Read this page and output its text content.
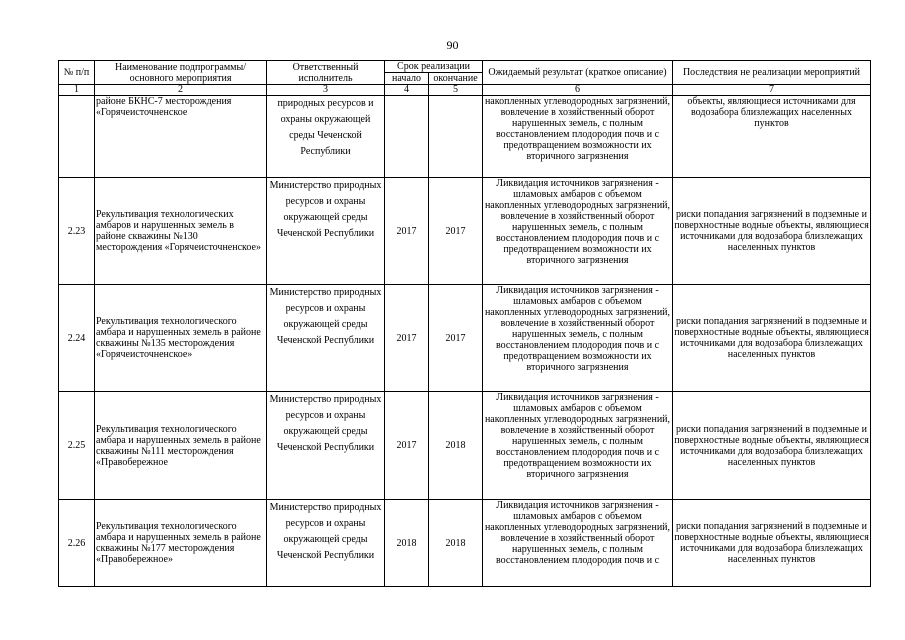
90
№ п/п	Наименование подпрограммы/ основного мероприятия	Ответственный исполнитель	Срок реализации		Ожидаемый результат (краткое описание)	Последствия не реализации мероприятий
			начало	окончание		
1	2	3	4	5	6	7
	районе БКНС-7 месторождения «Горячеисточненское	природных ресурсов и охраны окружающей среды Чеченской Республики			накопленных углеводородных загрязнений, вовлечение в хозяйственный оборот нарушенных земель, с полным восстановлением плодородия почв и с предотвращением возможности их вторичного загрязнения	объекты, являющиеся источниками для водозабора близлежащих населенных пунктов
2.23	Рекультивация технологических амбаров и нарушенных земель в районе скважины №130 месторождения «Горячеисточненское»	Министерство природных ресурсов и охраны окружающей среды Чеченской Республики	2017	2017	Ликвидация источников загрязнения - шламовых амбаров с объемом накопленных углеводородных загрязнений, вовлечение в хозяйственный оборот нарушенных земель, с полным восстановлением плодородия почв и с предотвращением возможности их вторичного загрязнения	риски попадания загрязнений в подземные и поверхностные водные объекты, являющиеся источниками для водозабора близлежащих населенных пунктов
2.24	Рекультивация технологического амбара и нарушенных земель в районе скважины №135 месторождения «Горячеисточненское»	Министерство природных ресурсов и охраны окружающей среды Чеченской Республики	2017	2017	Ликвидация источников загрязнения - шламовых амбаров с объемом накопленных углеводородных загрязнений, вовлечение в хозяйственный оборот нарушенных земель, с полным восстановлением плодородия почв и с предотвращением возможности их вторичного загрязнения	риски попадания загрязнений в подземные и поверхностные водные объекты, являющиеся источниками для водозабора близлежащих населенных пунктов
2.25	Рекультивация технологического амбара и нарушенных земель в районе скважины №111 месторождения «Правобережное	Министерство природных ресурсов и охраны окружающей среды Чеченской Республики	2017	2018	Ликвидация источников загрязнения - шламовых амбаров с объемом накопленных углеводородных загрязнений, вовлечение в хозяйственный оборот нарушенных земель, с полным восстановлением плодородия почв и с предотвращением возможности их вторичного загрязнения	риски попадания загрязнений в подземные и поверхностные водные объекты, являющиеся источниками для водозабора близлежащих населенных пунктов
2.26	Рекультивация технологического амбара и нарушенных земель в районе скважины №177 месторождения «Правобережное»	Министерство природных ресурсов и охраны окружающей среды Чеченской Республики	2018	2018	Ликвидация источников загрязнения - шламовых амбаров с объемом накопленных углеводородных загрязнений, вовлечение в хозяйственный оборот нарушенных земель, с полным восстановлением плодородия почв и с	риски попадания загрязнений в подземные и поверхностные водные объекты, являющиеся источниками для водозабора близлежащих населенных пунктов
